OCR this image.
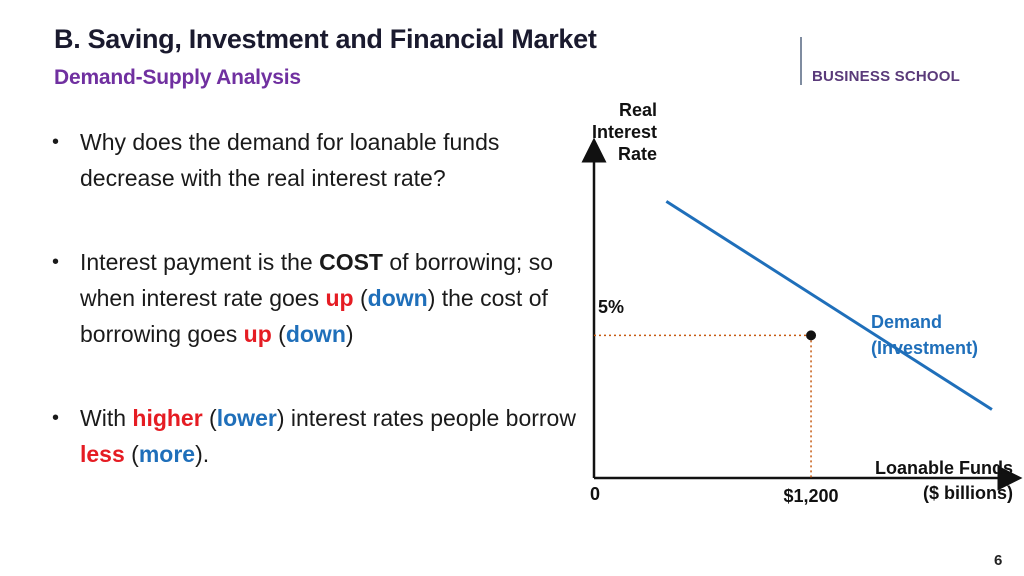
B. Saving, Investment and Financial Market
Demand-Supply Analysis	BUSINESS SCHOOL
• Why does the demand for loanable funds decrease with the real interest rate?
• Interest payment is the COST of borrowing; so when interest rate goes up (down) the cost of borrowing goes up (down)
• With higher (lower) interest rates people borrow less (more).
Real
Interest
Rate
Loanable Funds
($ billions)
0
Demand
(Investment)
5%
$1,200
6
